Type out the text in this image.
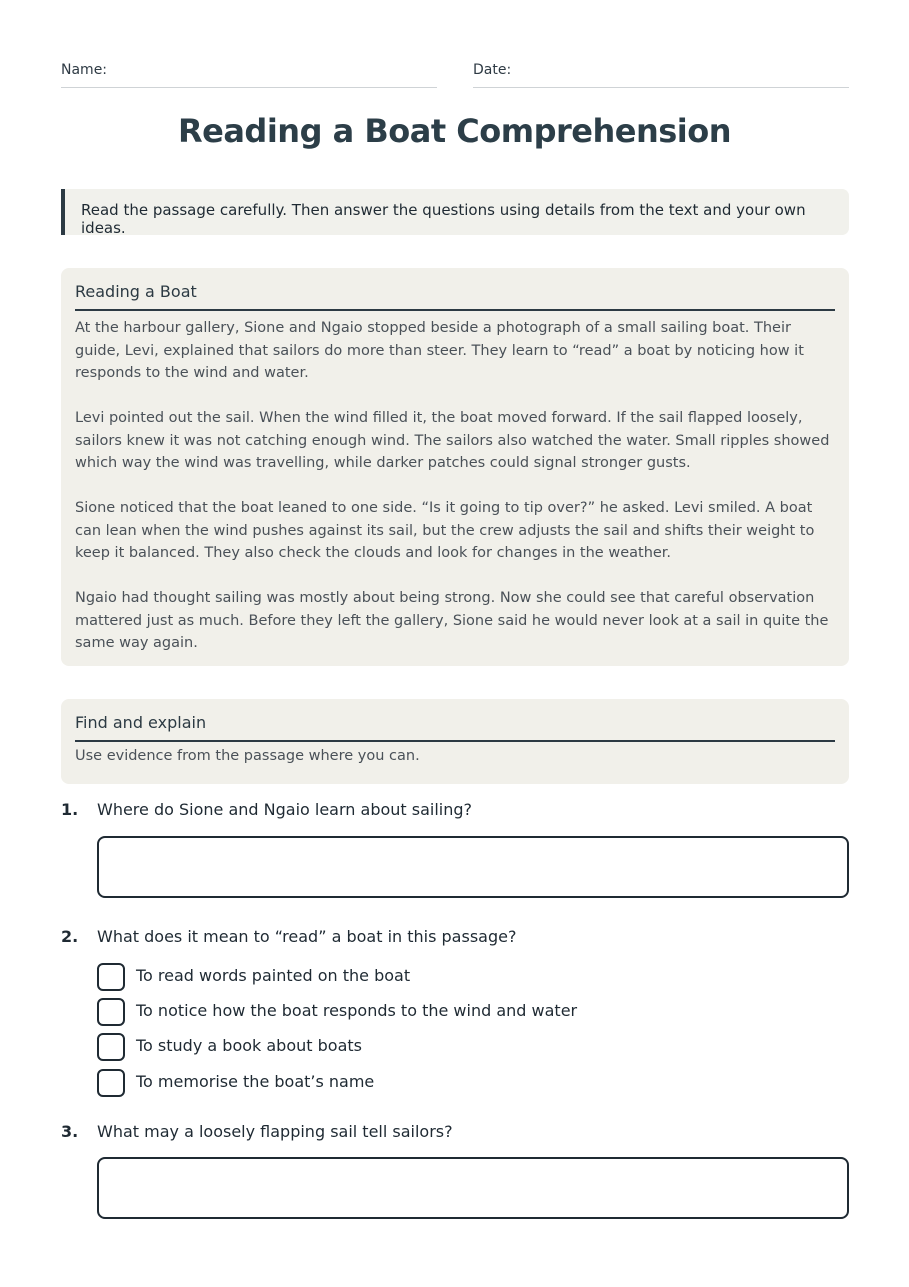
Name:	Date:
Reading a Boat Comprehension
Read the passage carefully. Then answer the questions using details from the text and your own ideas.
Reading a Boat

At the harbour gallery, Sione and Ngaio stopped beside a photograph of a small sailing boat. Their guide, Levi, explained that sailors do more than steer. They learn to “read” a boat by noticing how it responds to the wind and water.

Levi pointed out the sail. When the wind filled it, the boat moved forward. If the sail flapped loosely, sailors knew it was not catching enough wind. The sailors also watched the water. Small ripples showed which way the wind was travelling, while darker patches could signal stronger gusts.

Sione noticed that the boat leaned to one side. “Is it going to tip over?” he asked. Levi smiled. A boat can lean when the wind pushes against its sail, but the crew adjusts the sail and shifts their weight to keep it balanced. They also check the clouds and look for changes in the weather.

Ngaio had thought sailing was mostly about being strong. Now she could see that careful observation mattered just as much. Before they left the gallery, Sione said he would never look at a sail in quite the same way again.

Find and explain
Use evidence from the passage where you can.
1. Where do Sione and Ngaio learn about sailing?
2. What does it mean to “read” a boat in this passage?
To read words painted on the boat
To notice how the boat responds to the wind and water
To study a book about boats
To memorise the boat’s name
3. What may a loosely flapping sail tell sailors?
